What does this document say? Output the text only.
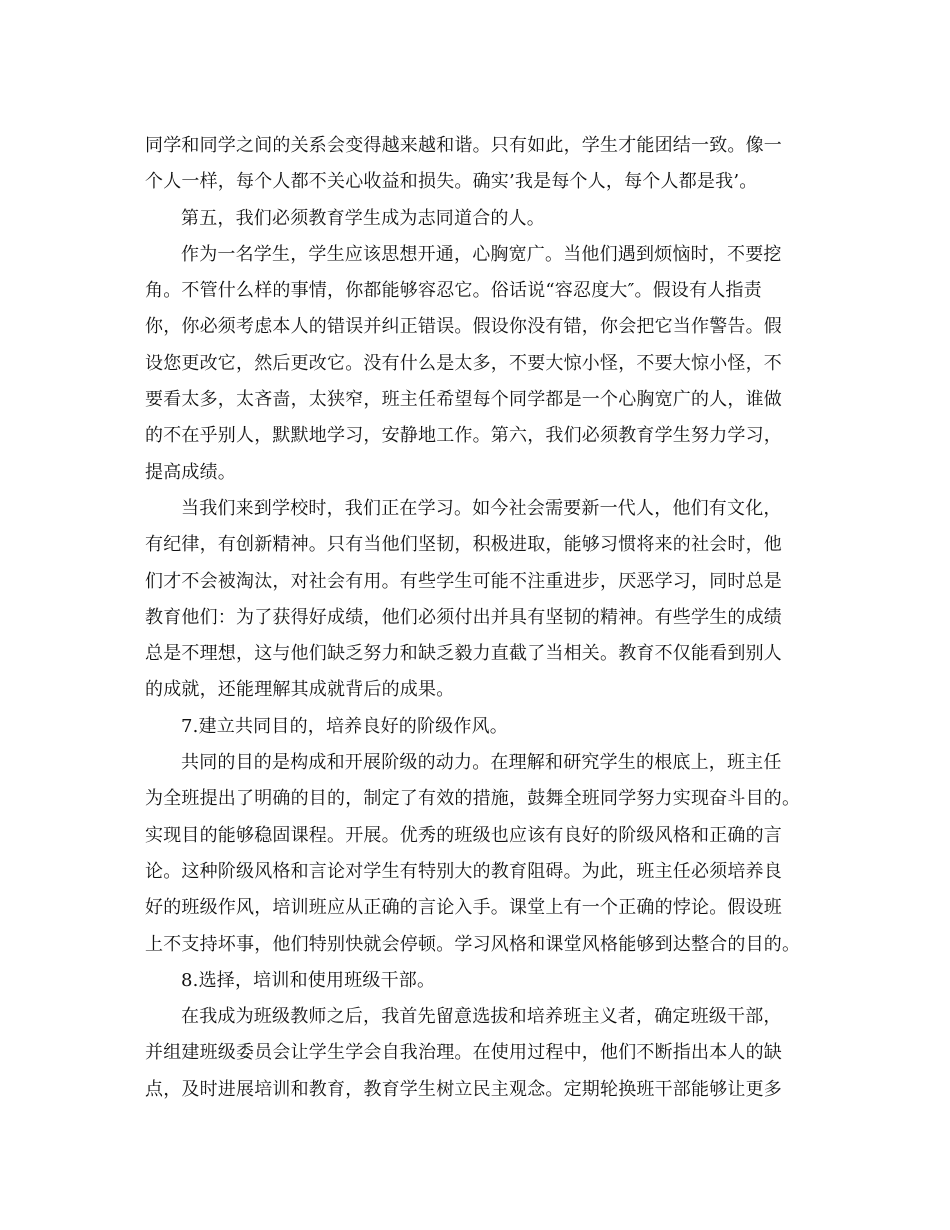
同学和同学之间的关系会变得越来越和谐。只有如此，学生才能团结一致。像一
个人一样，每个人都不关心收益和损失。确实’我是每个人，每个人都是我’。
第五，我们必须教育学生成为志同道合的人。
作为一名学生，学生应该思想开通，心胸宽广。当他们遇到烦恼时，不要挖
角。不管什么样的事情，你都能够容忍它。俗话说“容忍度大″。假设有人指责
你，你必须考虑本人的错误并纠正错误。假设你没有错，你会把它当作警告。假
设您更改它，然后更改它。没有什么是太多，不要大惊小怪，不要大惊小怪，不
要看太多，太吝啬，太狭窄，班主任希望每个同学都是一个心胸宽广的人，谁做
的不在乎别人，默默地学习，安静地工作。第六，我们必须教育学生努力学习，
提高成绩。
当我们来到学校时，我们正在学习。如今社会需要新一代人，他们有文化，
有纪律，有创新精神。只有当他们坚韧，积极进取，能够习惯将来的社会时，他
们才不会被淘汰，对社会有用。有些学生可能不注重进步，厌恶学习，同时总是
教育他们：为了获得好成绩，他们必须付出并具有坚韧的精神。有些学生的成绩
总是不理想，这与他们缺乏努力和缺乏毅力直截了当相关。教育不仅能看到别人
的成就，还能理解其成就背后的成果。
7.建立共同目的，培养良好的阶级作风。
共同的目的是构成和开展阶级的动力。在理解和研究学生的根底上，班主任
为全班提出了明确的目的，制定了有效的措施，鼓舞全班同学努力实现奋斗目的。
实现目的能够稳固课程。开展。优秀的班级也应该有良好的阶级风格和正确的言
论。这种阶级风格和言论对学生有特别大的教育阻碍。为此，班主任必须培养良
好的班级作风，培训班应从正确的言论入手。课堂上有一个正确的悖论。假设班
上不支持坏事，他们特别快就会停顿。学习风格和课堂风格能够到达整合的目的。
8.选择，培训和使用班级干部。
在我成为班级教师之后，我首先留意选拔和培养班主义者，确定班级干部，
并组建班级委员会让学生学会自我治理。在使用过程中，他们不断指出本人的缺
点，及时进展培训和教育，教育学生树立民主观念。定期轮换班干部能够让更多
